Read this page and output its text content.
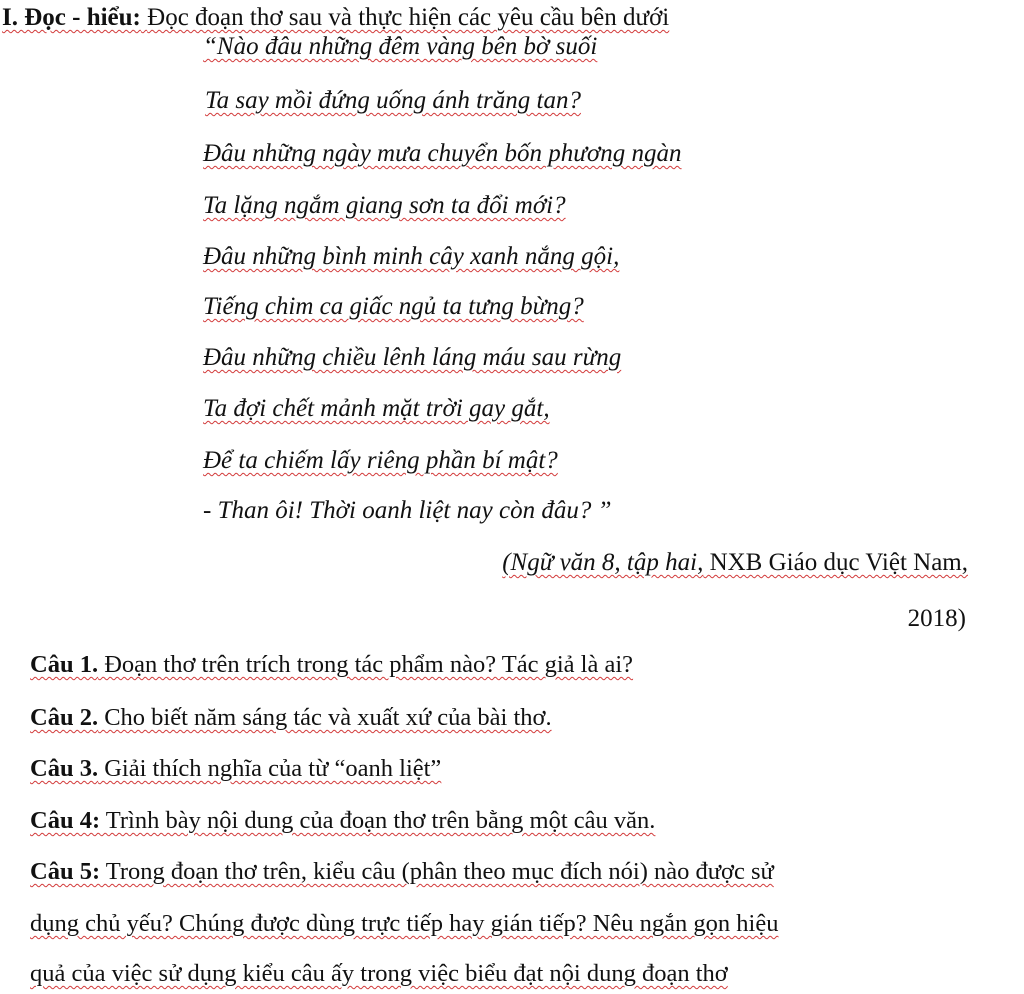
I. Đọc - hiểu: Đọc đoạn thơ sau và thực hiện các yêu cầu bên dưới
“Nào đâu những đêm vàng bên bờ suối
Ta say mồi đứng uống ánh trăng tan?
Đâu những ngày mưa chuyển bốn phương ngàn
Ta lặng ngắm giang sơn ta đổi mới?
Đâu những bình minh cây xanh nắng gội,
Tiếng chim ca giấc ngủ ta tưng bừng?
Đâu những chiều lênh láng máu sau rừng
Ta đợi chết mảnh mặt trời gay gắt,
Để ta chiếm lấy riêng phần bí mật?
- Than ôi! Thời oanh liệt nay còn đâu? ”
(Ngữ văn 8, tập hai, NXB Giáo dục Việt Nam,
2018)
Câu 1. Đoạn thơ trên trích trong tác phẩm nào? Tác giả là ai?
Câu 2. Cho biết năm sáng tác và xuất xứ của bài thơ.
Câu 3. Giải thích nghĩa của từ “oanh liệt”
Câu 4: Trình bày nội dung của đoạn thơ trên bằng một câu văn.
Câu 5: Trong đoạn thơ trên, kiểu câu (phân theo mục đích nói) nào được sử
dụng chủ yếu? Chúng được dùng trực tiếp hay gián tiếp? Nêu ngắn gọn hiệu
quả của việc sử dụng kiểu câu ấy trong việc biểu đạt nội dung đoạn thơ
